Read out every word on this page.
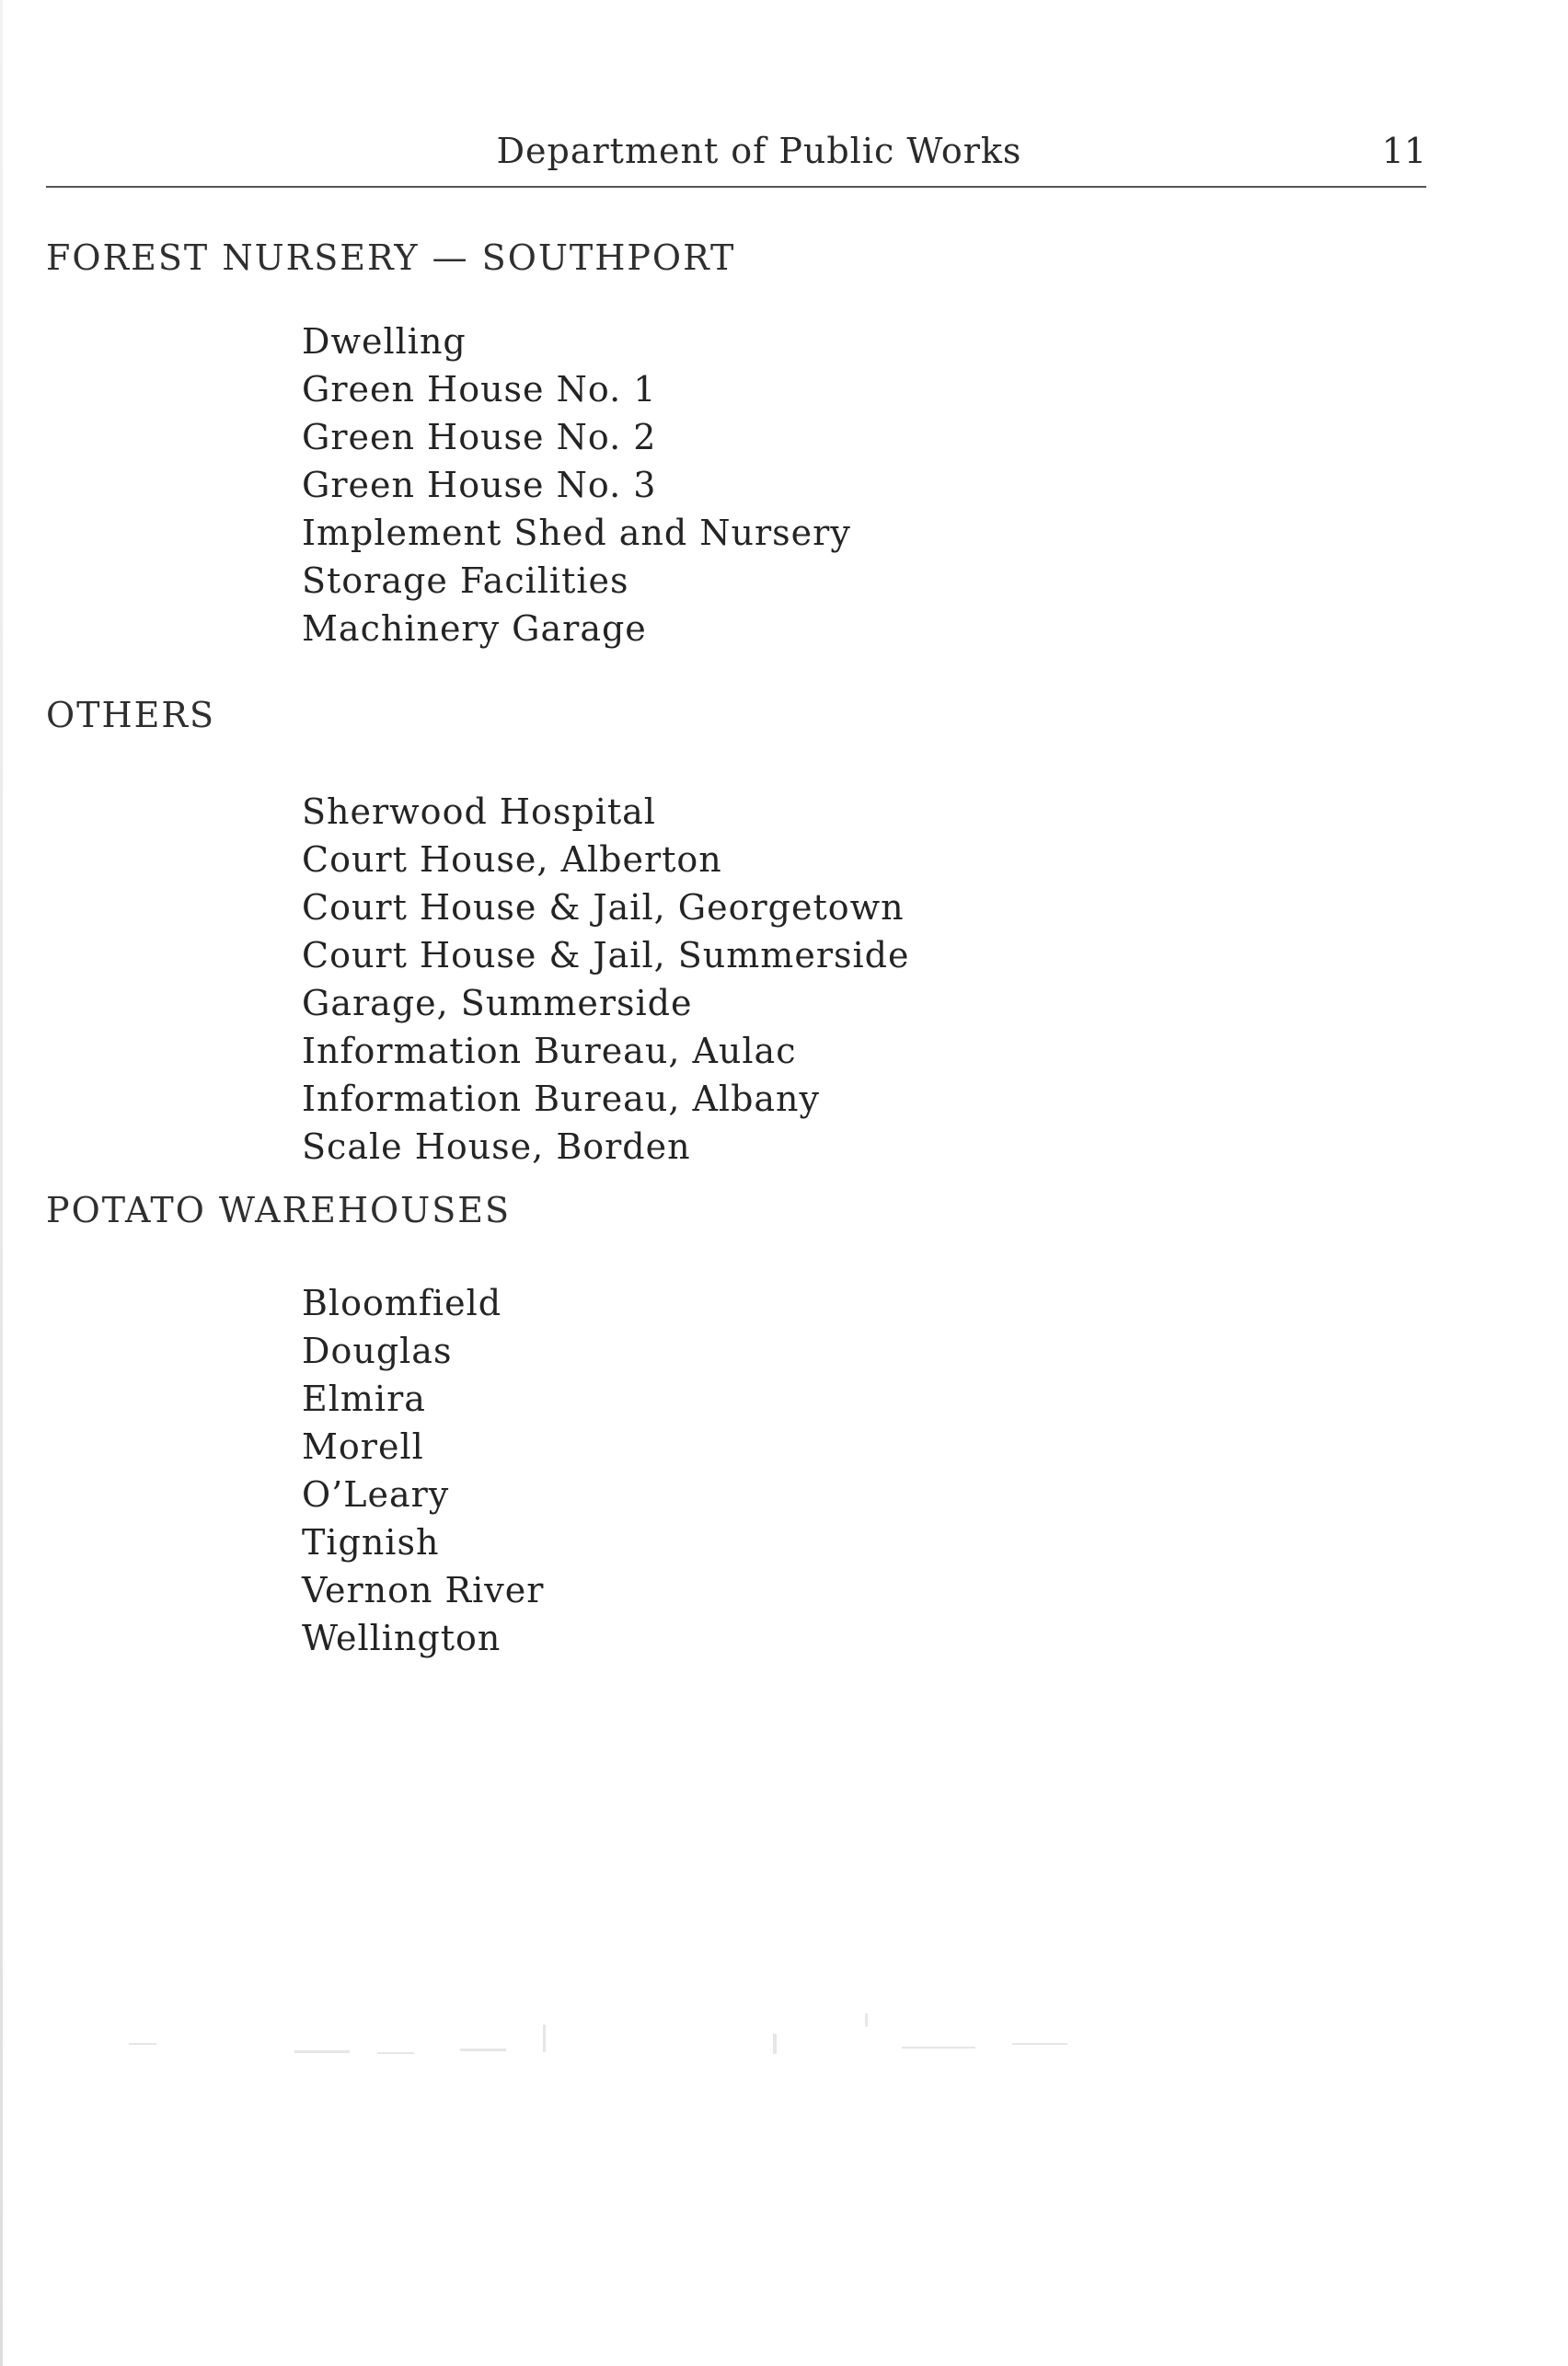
Department of Public Works	11
FOREST NURSERY — SOUTHPORT
Dwelling
Green House No. 1
Green House No. 2
Green House No. 3
Implement Shed and Nursery
Storage Facilities
Machinery Garage
OTHERS
Sherwood Hospital
Court House, Alberton
Court House & Jail, Georgetown
Court House & Jail, Summerside
Garage, Summerside
Information Bureau, Aulac
Information Bureau, Albany
Scale House, Borden
POTATO WAREHOUSES
Bloomfield
Douglas
Elmira
Morell
O’Leary
Tignish
Vernon River
Wellington
